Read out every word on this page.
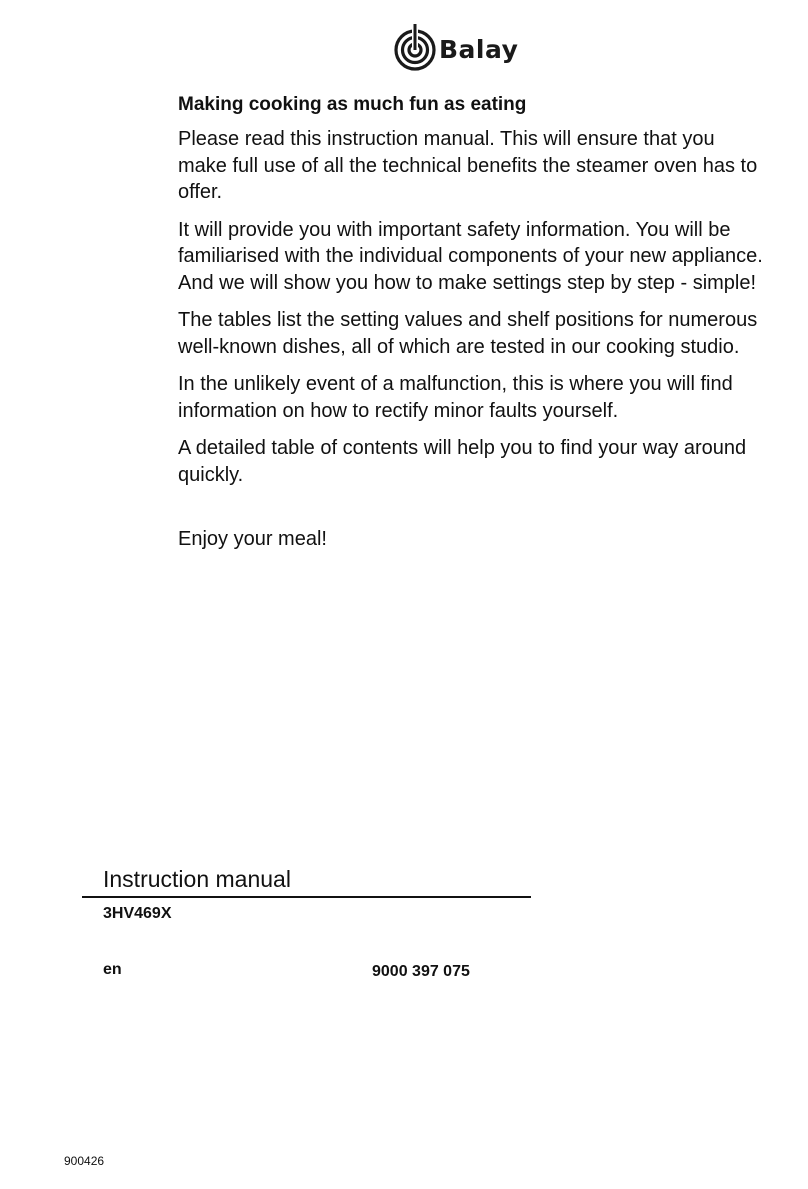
Balay
Making cooking as much fun as eating

Please read this instruction manual. This will ensure that you make full use of all the technical benefits the steamer oven has to offer.

It will provide you with important safety information. You will be familiarised with the individual components of your new appliance. And we will show you how to make settings step by step - simple!

The tables list the setting values and shelf positions for numerous well-known dishes, all of which are tested in our cooking studio.

In the unlikely event of a malfunction, this is where you will find information on how to rectify minor faults yourself.

A detailed table of contents will help you to find your way around quickly.

Enjoy your meal!

Instruction manual
3HV469X
en	9000 397 075
900426
